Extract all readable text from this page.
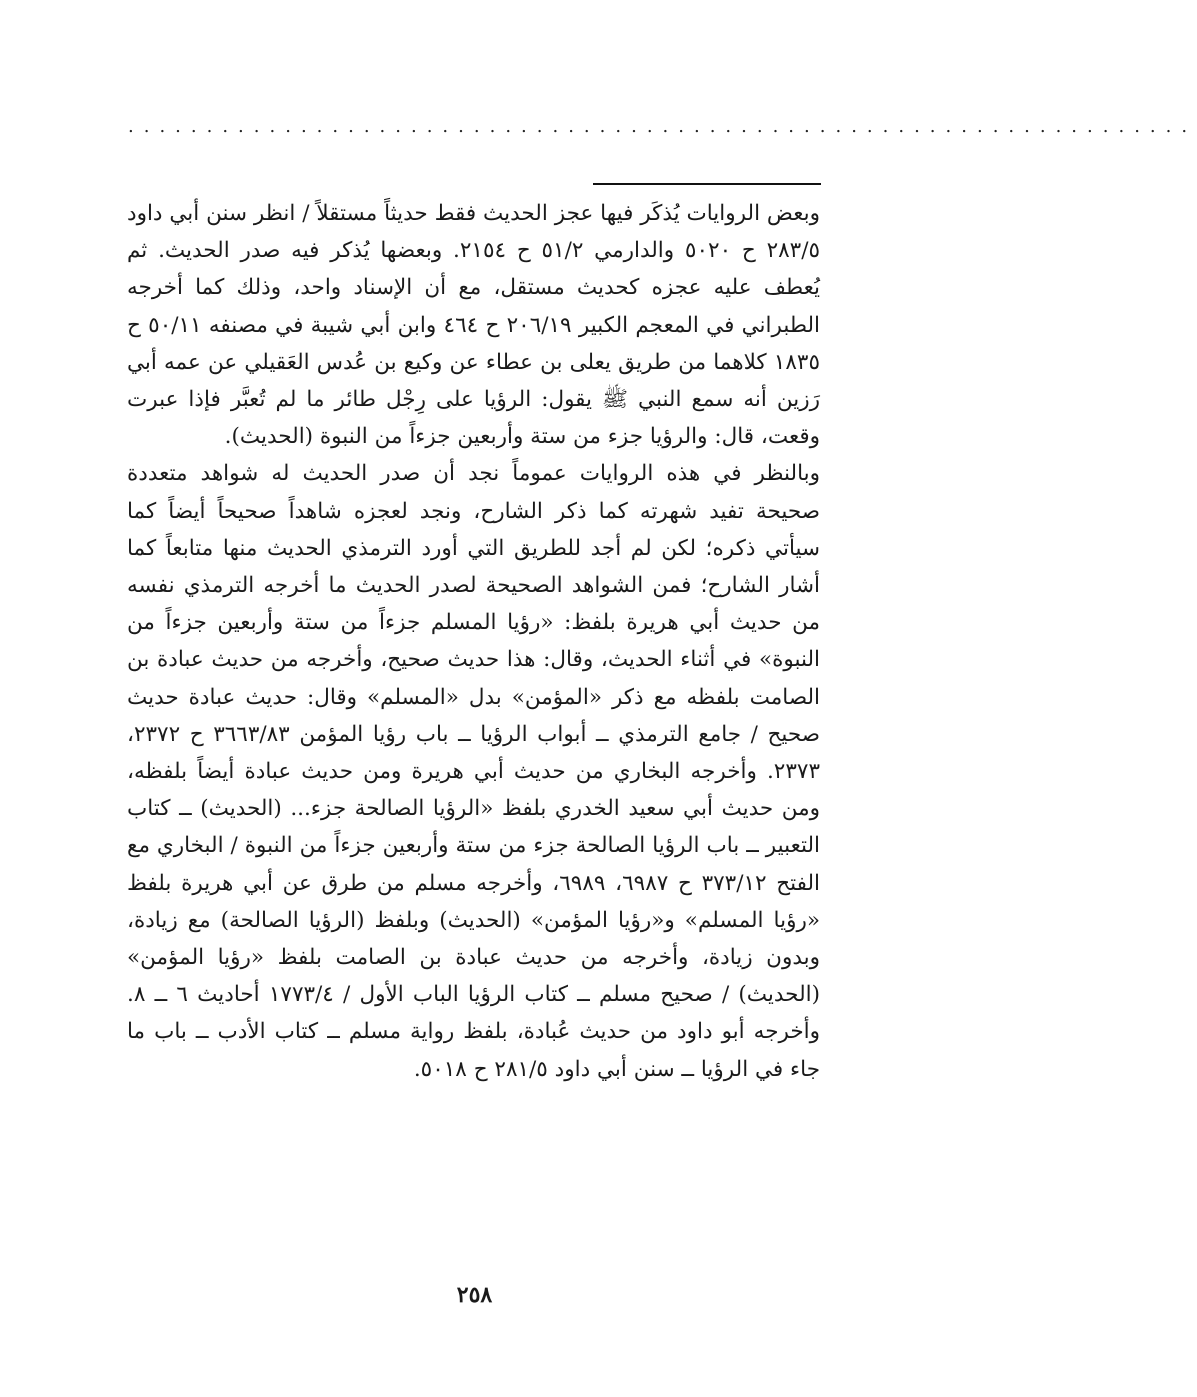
....................................................................

وبعض الروايات يُذكَر فيها عجز الحديث فقط حديثاً مستقلاً / انظر سنن أبي داود ٢٨٣/٥ ح ٥٠٢٠ والدارمي ٥١/٢ ح ٢١٥٤. وبعضها يُذكر فيه صدر الحديث. ثم يُعطف عليه عجزه كحديث مستقل، مع أن الإسناد واحد، وذلك كما أخرجه الطبراني في المعجم الكبير ٢٠٦/١٩ ح ٤٦٤ وابن أبي شيبة في مصنفه ٥٠/١١ ح ١٨٣٥ كلاهما من طريق يعلى بن عطاء عن وكيع بن عُدس العَقيلي عن عمه أبي رَزين أنه سمع النبي ﷺ يقول: الرؤيا على رِجْل طائر ما لم تُعبَّر فإذا عبرت وقعت، قال: والرؤيا جزء من ستة وأربعين جزءاً من النبوة (الحديث).

وبالنظر في هذه الروايات عموماً نجد أن صدر الحديث له شواهد متعددة صحيحة تفيد شهرته كما ذكر الشارح، ونجد لعجزه شاهداً صحيحاً أيضاً كما سيأتي ذكره؛ لكن لم أجد للطريق التي أورد الترمذي الحديث منها متابعاً كما أشار الشارح؛ فمن الشواهد الصحيحة لصدر الحديث ما أخرجه الترمذي نفسه من حديث أبي هريرة بلفظ: «رؤيا المسلم جزءاً من ستة وأربعين جزءاً من النبوة» في أثناء الحديث، وقال: هذا حديث صحيح، وأخرجه من حديث عبادة بن الصامت بلفظه مع ذكر «المؤمن» بدل «المسلم» وقال: حديث عبادة حديث صحيح / جامع الترمذي ــ أبواب الرؤيا ــ باب رؤيا المؤمن ٣٦٦٣/٨٣ ح ٢٣٧٢، ٢٣٧٣. وأخرجه البخاري من حديث أبي هريرة ومن حديث عبادة أيضاً بلفظه، ومن حديث أبي سعيد الخدري بلفظ «الرؤيا الصالحة جزء... (الحديث) ــ كتاب التعبير ــ باب الرؤيا الصالحة جزء من ستة وأربعين جزءاً من النبوة / البخاري مع الفتح ٣٧٣/١٢ ح ٦٩٨٧، ٦٩٨٩، وأخرجه مسلم من طرق عن أبي هريرة بلفظ «رؤيا المسلم» و«رؤيا المؤمن» (الحديث) وبلفظ (الرؤيا الصالحة) مع زيادة، وبدون زيادة، وأخرجه من حديث عبادة بن الصامت بلفظ «رؤيا المؤمن» (الحديث) / صحيح مسلم ــ كتاب الرؤيا الباب الأول / ١٧٧٣/٤ أحاديث ٦ ــ ٨. وأخرجه أبو داود من حديث عُبادة، بلفظ رواية مسلم ــ كتاب الأدب ــ باب ما جاء في الرؤيا ــ سنن أبي داود ٢٨١/٥ ح ٥٠١٨.

٢٥٨
